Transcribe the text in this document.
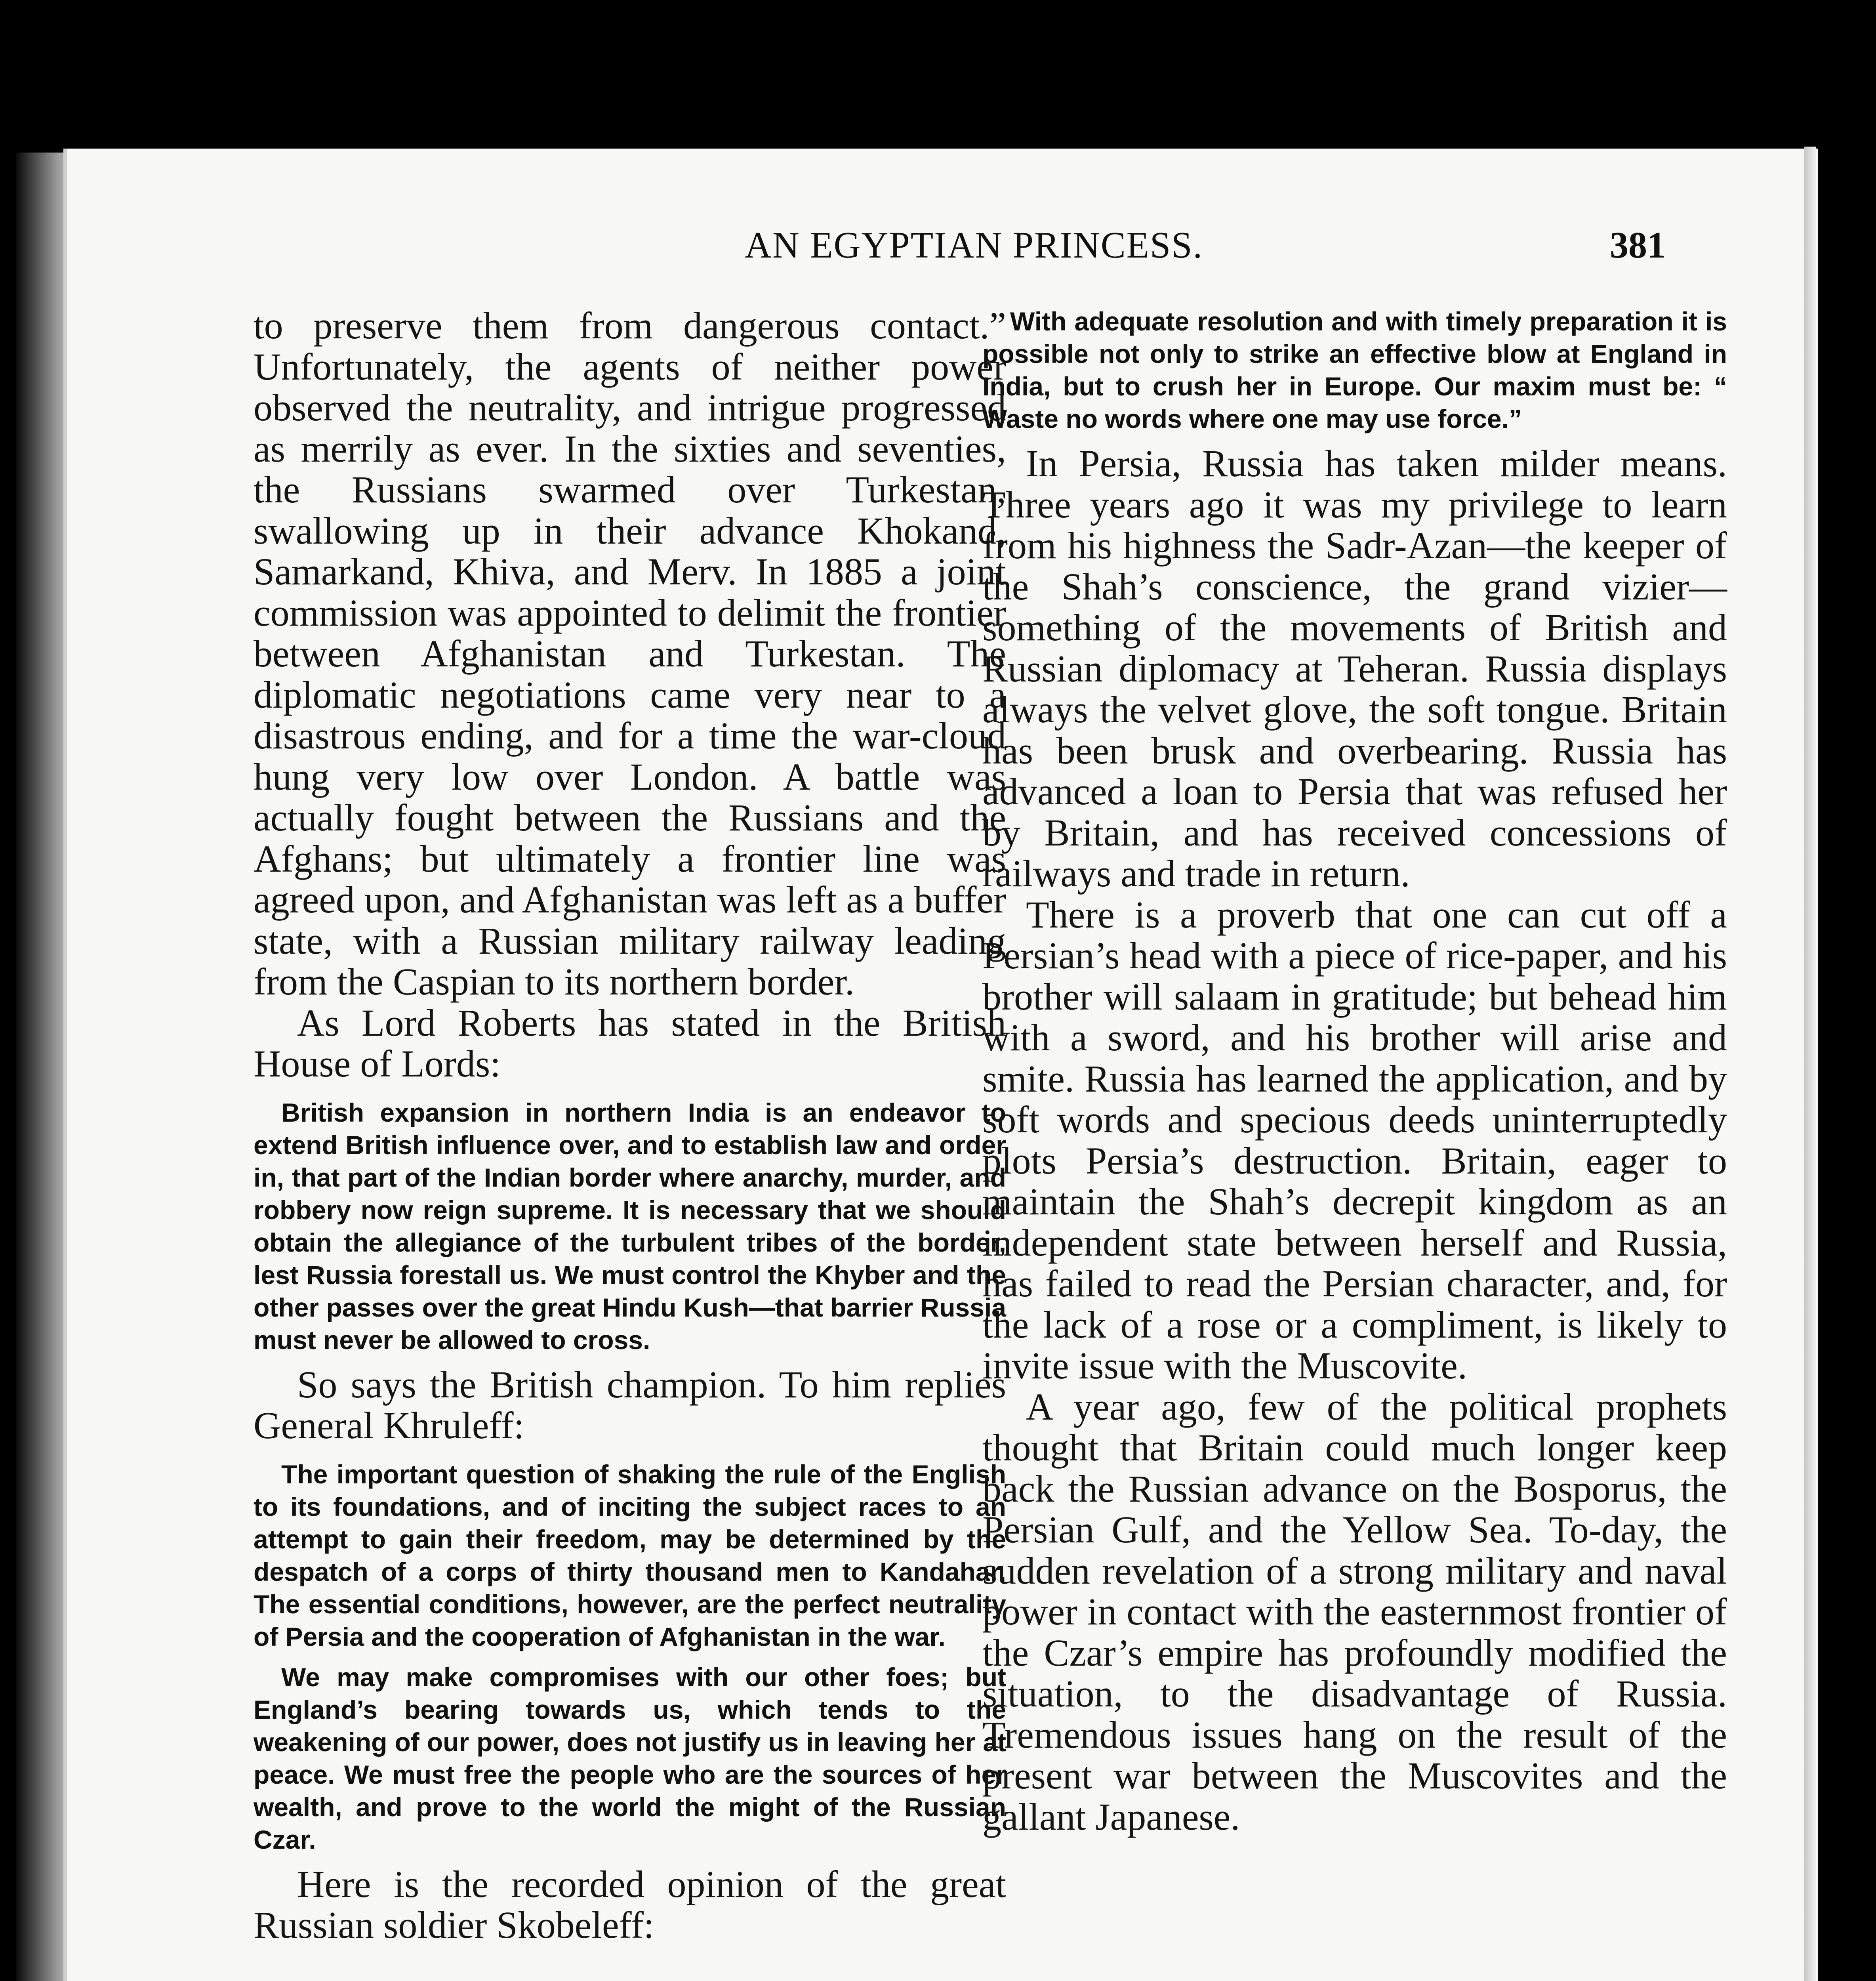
AN EGYPTIAN PRINCESS.	381

to preserve them from dangerous contact.” Unfortunately, the agents of neither power observed the neutrality, and intrigue progressed as merrily as ever. In the sixties and seventies, the Russians swarmed over Turkestan, swallowing up in their advance Khokand, Samarkand, Khiva, and Merv. In 1885 a joint commission was appointed to delimit the frontier between Afghanistan and Turkestan. The diplomatic negotiations came very near to a disastrous ending, and for a time the war-cloud hung very low over London. A battle was actually fought between the Russians and the Afghans; but ultimately a frontier line was agreed upon, and Afghanistan was left as a buffer state, with a Russian military railway leading from the Caspian to its northern border.

As Lord Roberts has stated in the British House of Lords:

British expansion in northern India is an endeavor to extend British influence over, and to establish law and order in, that part of the Indian border where anarchy, murder, and robbery now reign supreme. It is necessary that we should obtain the allegiance of the turbulent tribes of the border, lest Russia forestall us. We must control the Khyber and the other passes over the great Hindu Kush—that barrier Russia must never be allowed to cross.

So says the British champion. To him replies General Khruleff:

The important question of shaking the rule of the English to its foundations, and of inciting the subject races to an attempt to gain their freedom, may be determined by the despatch of a corps of thirty thousand men to Kandahar. The essential conditions, however, are the perfect neutrality of Persia and the cooperation of Afghanistan in the war.

We may make compromises with our other foes; but England’s bearing towards us, which tends to the weakening of our power, does not justify us in leaving her at peace. We must free the people who are the sources of her wealth, and prove to the world the might of the Russian Czar.

Here is the recorded opinion of the great Russian soldier Skobeleff:

With adequate resolution and with timely preparation it is possible not only to strike an effective blow at England in India, but to crush her in Europe. Our maxim must be: “ Waste no words where one may use force.”

In Persia, Russia has taken milder means. Three years ago it was my privilege to learn from his highness the Sadr-Azan—the keeper of the Shah’s conscience, the grand vizier—something of the movements of British and Russian diplomacy at Teheran. Russia displays always the velvet glove, the soft tongue. Britain has been brusk and overbearing. Russia has advanced a loan to Persia that was refused her by Britain, and has received concessions of railways and trade in return.

There is a proverb that one can cut off a Persian’s head with a piece of rice-paper, and his brother will salaam in gratitude; but behead him with a sword, and his brother will arise and smite. Russia has learned the application, and by soft words and specious deeds uninterruptedly plots Persia’s destruction. Britain, eager to maintain the Shah’s decrepit kingdom as an independent state between herself and Russia, has failed to read the Persian character, and, for the lack of a rose or a compliment, is likely to invite issue with the Muscovite.

A year ago, few of the political prophets thought that Britain could much longer keep back the Russian advance on the Bosporus, the Persian Gulf, and the Yellow Sea. To-day, the sudden revelation of a strong military and naval power in contact with the easternmost frontier of the Czar’s empire has profoundly modified the situation, to the disadvantage of Russia. Tremendous issues hang on the result of the present war between the Muscovites and the gallant Japanese.
